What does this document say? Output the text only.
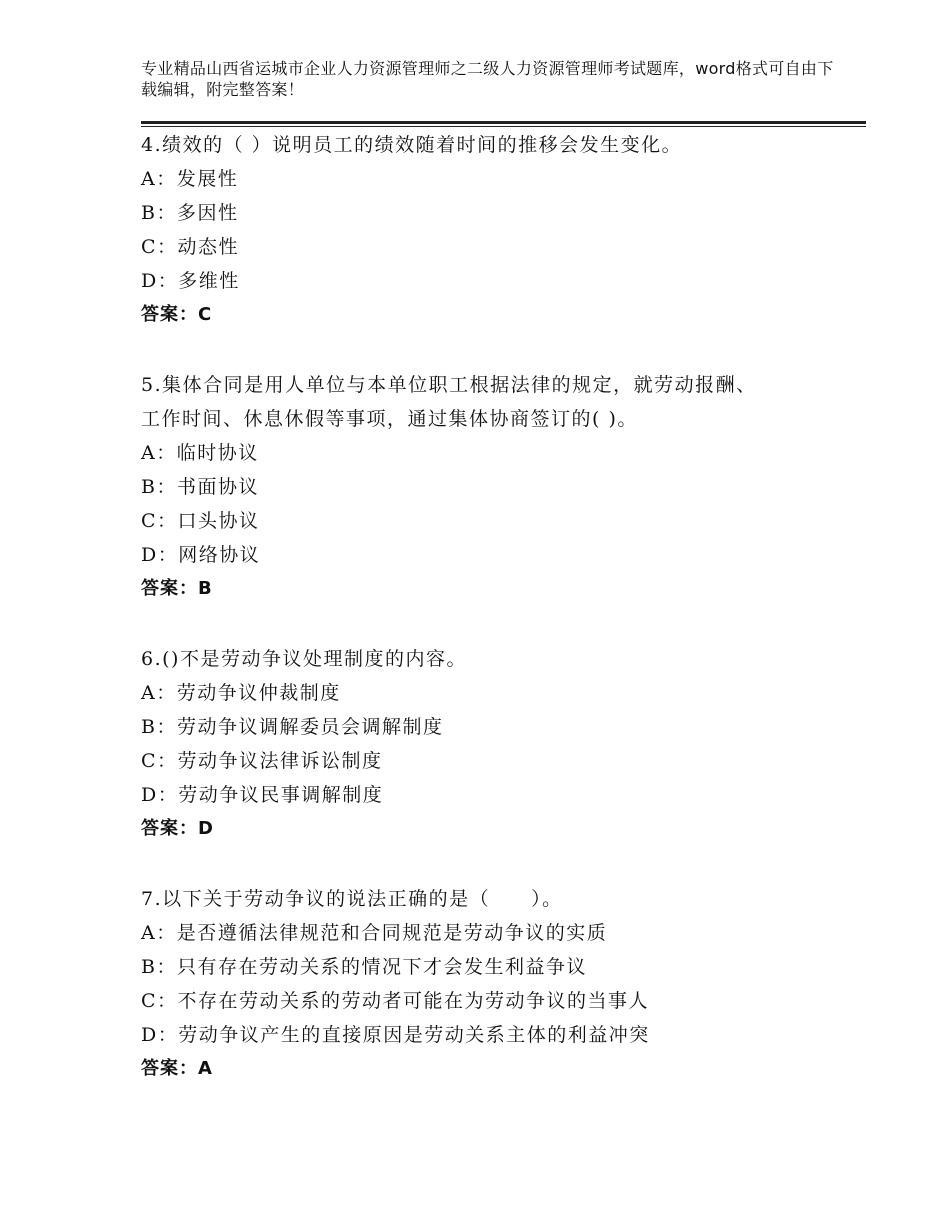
专业精品山西省运城市企业人力资源管理师之二级人力资源管理师考试题库，word格式可自由下载编辑，附完整答案！
4.绩效的（ ）说明员工的绩效随着时间的推移会发生变化。
A：发展性
B：多因性
C：动态性
D：多维性
答案：C
5.集体合同是用人单位与本单位职工根据法律的规定，就劳动报酬、
工作时间、休息休假等事项，通过集体协商签订的( )。
A：临时协议
B：书面协议
C：口头协议
D：网络协议
答案：B
6.()不是劳动争议处理制度的内容。
A：劳动争议仲裁制度
B：劳动争议调解委员会调解制度
C：劳动争议法律诉讼制度
D：劳动争议民事调解制度
答案：D
7.以下关于劳动争议的说法正确的是（　　）。
A：是否遵循法律规范和合同规范是劳动争议的实质
B：只有存在劳动关系的情况下才会发生利益争议
C：不存在劳动关系的劳动者可能在为劳动争议的当事人
D：劳动争议产生的直接原因是劳动关系主体的利益冲突
答案：A
